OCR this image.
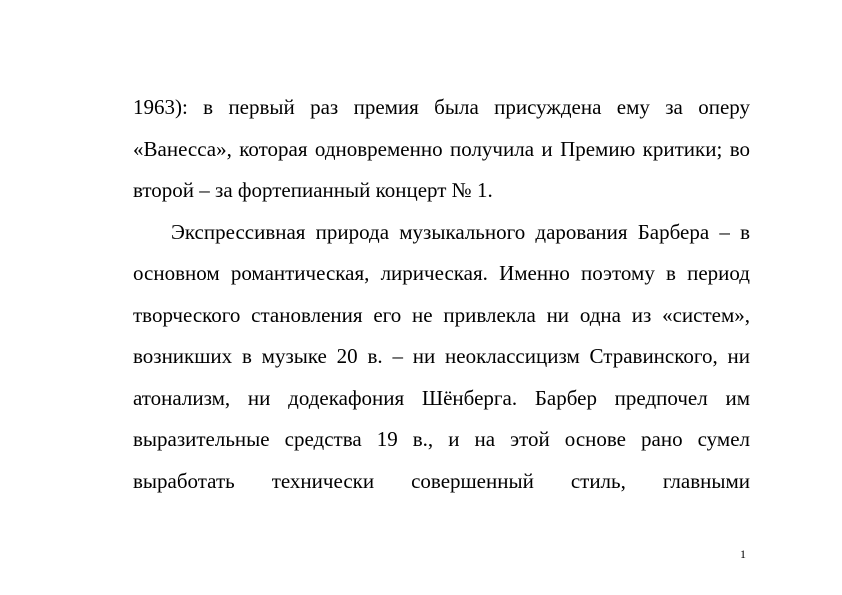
1963): в первый раз премия была присуждена ему за оперу «Ванесса», которая одновременно получила и Премию критики; во второй – за фортепианный концерт № 1.

Экспрессивная природа музыкального дарования Барбера – в основном романтическая, лирическая. Именно поэтому в период творческого становления его не привлекла ни одна из «систем», возникших в музыке 20 в. – ни неоклассицизм Стравинского, ни атонализм, ни додекафония Шёнберга. Барбер предпочел им выразительные средства 19 в., и на этой основе рано сумел выработать технически совершенный стиль, главными

1
